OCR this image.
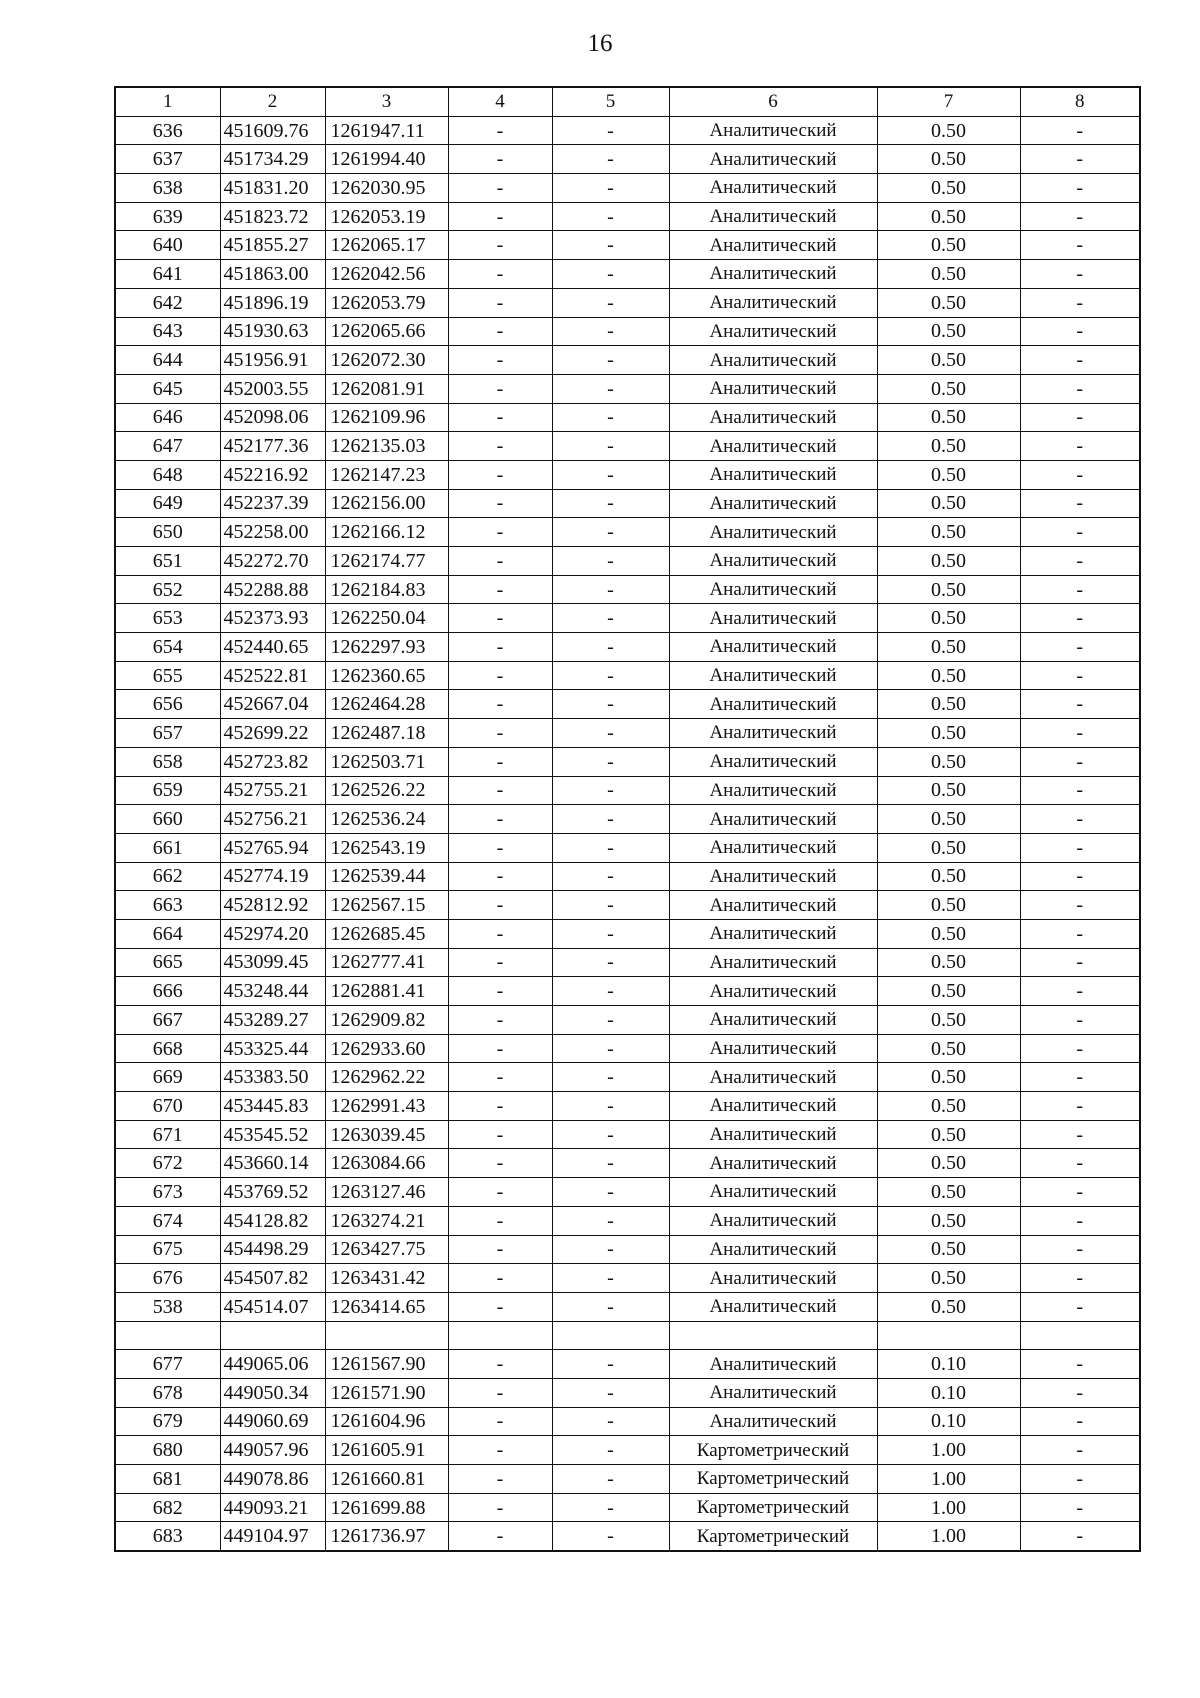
16
1	2	3	4	5	6	7	8
636	451609.76	1261947.11	-	-	Аналитический	0.50	-
637	451734.29	1261994.40	-	-	Аналитический	0.50	-
638	451831.20	1262030.95	-	-	Аналитический	0.50	-
639	451823.72	1262053.19	-	-	Аналитический	0.50	-
640	451855.27	1262065.17	-	-	Аналитический	0.50	-
641	451863.00	1262042.56	-	-	Аналитический	0.50	-
642	451896.19	1262053.79	-	-	Аналитический	0.50	-
643	451930.63	1262065.66	-	-	Аналитический	0.50	-
644	451956.91	1262072.30	-	-	Аналитический	0.50	-
645	452003.55	1262081.91	-	-	Аналитический	0.50	-
646	452098.06	1262109.96	-	-	Аналитический	0.50	-
647	452177.36	1262135.03	-	-	Аналитический	0.50	-
648	452216.92	1262147.23	-	-	Аналитический	0.50	-
649	452237.39	1262156.00	-	-	Аналитический	0.50	-
650	452258.00	1262166.12	-	-	Аналитический	0.50	-
651	452272.70	1262174.77	-	-	Аналитический	0.50	-
652	452288.88	1262184.83	-	-	Аналитический	0.50	-
653	452373.93	1262250.04	-	-	Аналитический	0.50	-
654	452440.65	1262297.93	-	-	Аналитический	0.50	-
655	452522.81	1262360.65	-	-	Аналитический	0.50	-
656	452667.04	1262464.28	-	-	Аналитический	0.50	-
657	452699.22	1262487.18	-	-	Аналитический	0.50	-
658	452723.82	1262503.71	-	-	Аналитический	0.50	-
659	452755.21	1262526.22	-	-	Аналитический	0.50	-
660	452756.21	1262536.24	-	-	Аналитический	0.50	-
661	452765.94	1262543.19	-	-	Аналитический	0.50	-
662	452774.19	1262539.44	-	-	Аналитический	0.50	-
663	452812.92	1262567.15	-	-	Аналитический	0.50	-
664	452974.20	1262685.45	-	-	Аналитический	0.50	-
665	453099.45	1262777.41	-	-	Аналитический	0.50	-
666	453248.44	1262881.41	-	-	Аналитический	0.50	-
667	453289.27	1262909.82	-	-	Аналитический	0.50	-
668	453325.44	1262933.60	-	-	Аналитический	0.50	-
669	453383.50	1262962.22	-	-	Аналитический	0.50	-
670	453445.83	1262991.43	-	-	Аналитический	0.50	-
671	453545.52	1263039.45	-	-	Аналитический	0.50	-
672	453660.14	1263084.66	-	-	Аналитический	0.50	-
673	453769.52	1263127.46	-	-	Аналитический	0.50	-
674	454128.82	1263274.21	-	-	Аналитический	0.50	-
675	454498.29	1263427.75	-	-	Аналитический	0.50	-
676	454507.82	1263431.42	-	-	Аналитический	0.50	-
538	454514.07	1263414.65	-	-	Аналитический	0.50	-

677	449065.06	1261567.90	-	-	Аналитический	0.10	-
678	449050.34	1261571.90	-	-	Аналитический	0.10	-
679	449060.69	1261604.96	-	-	Аналитический	0.10	-
680	449057.96	1261605.91	-	-	Картометрический	1.00	-
681	449078.86	1261660.81	-	-	Картометрический	1.00	-
682	449093.21	1261699.88	-	-	Картометрический	1.00	-
683	449104.97	1261736.97	-	-	Картометрический	1.00	-
